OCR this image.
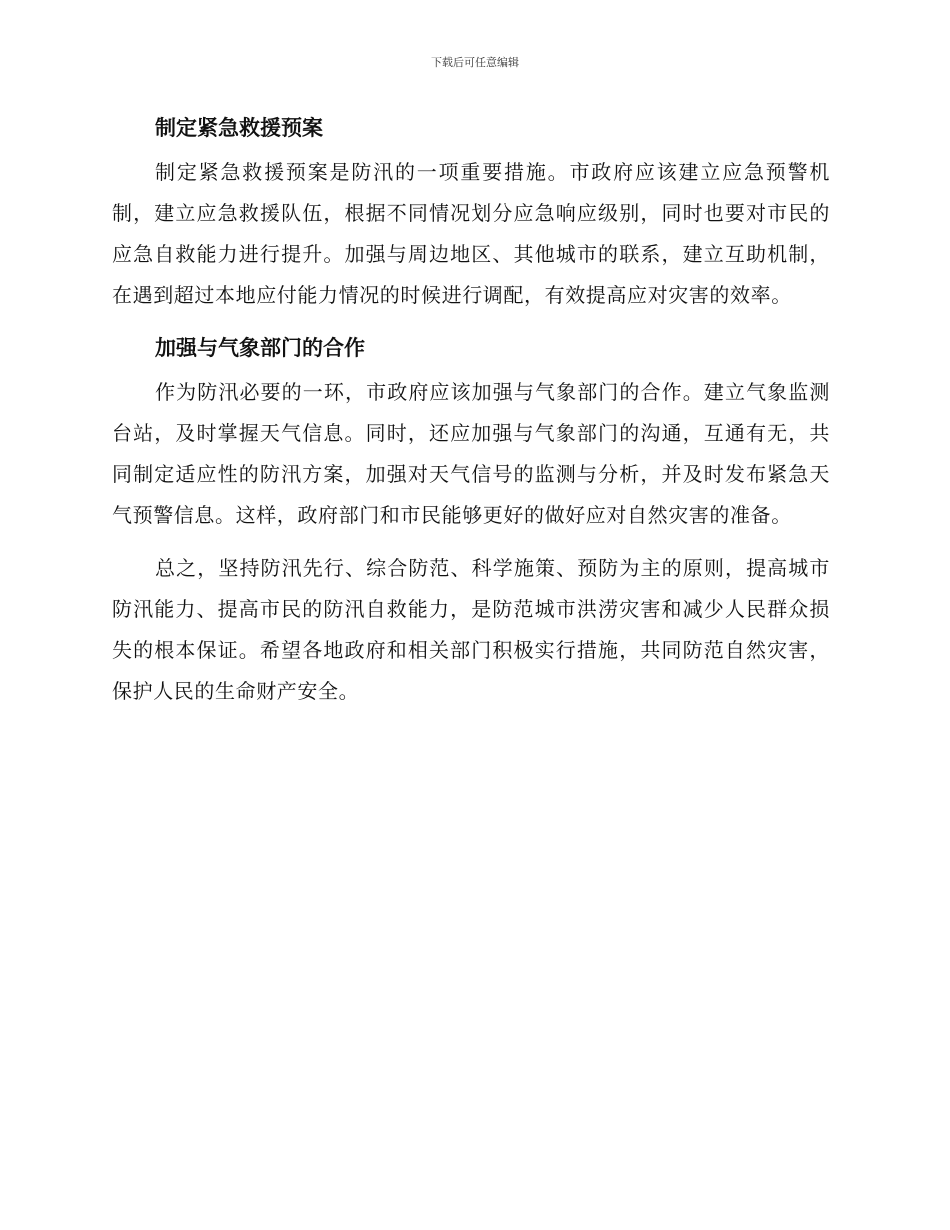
下载后可任意编辑
制定紧急救援预案

制定紧急救援预案是防汛的一项重要措施。市政府应该建立应急预警机制，建立应急救援队伍，根据不同情况划分应急响应级别，同时也要对市民的应急自救能力进行提升。加强与周边地区、其他城市的联系，建立互助机制，在遇到超过本地应付能力情况的时候进行调配，有效提高应对灾害的效率。

加强与气象部门的合作

作为防汛必要的一环，市政府应该加强与气象部门的合作。建立气象监测台站，及时掌握天气信息。同时，还应加强与气象部门的沟通，互通有无，共同制定适应性的防汛方案，加强对天气信号的监测与分析，并及时发布紧急天气预警信息。这样，政府部门和市民能够更好的做好应对自然灾害的准备。

总之，坚持防汛先行、综合防范、科学施策、预防为主的原则，提高城市防汛能力、提高市民的防汛自救能力，是防范城市洪涝灾害和减少人民群众损失的根本保证。希望各地政府和相关部门积极实行措施，共同防范自然灾害，保护人民的生命财产安全。
